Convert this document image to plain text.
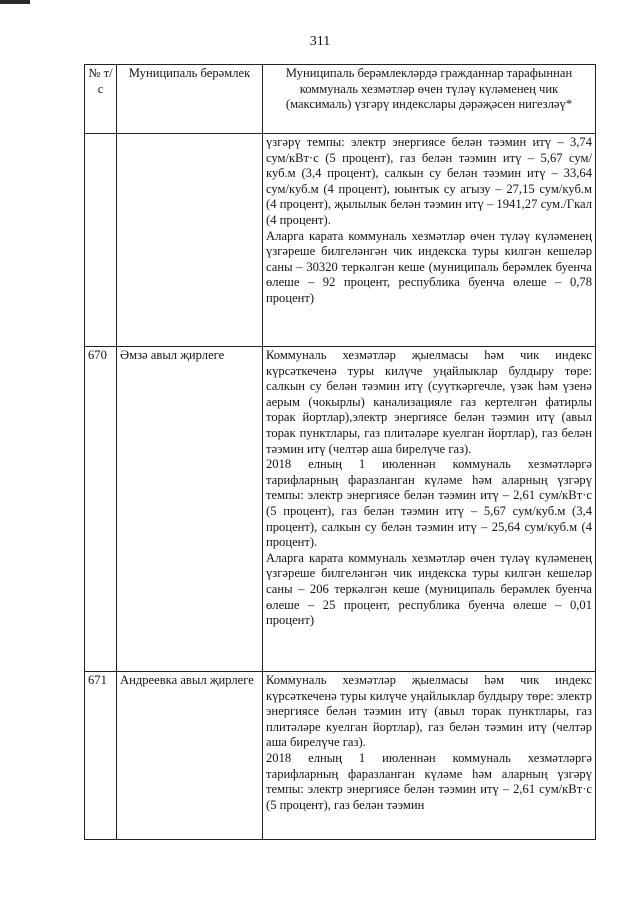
311
№ т/с	Муниципаль берәмлек	Муниципаль берәмлекләрдә гражданнар тарафыннан коммуналь хезмәтләр өчен түләү күләменең чик (максималь) үзгәрү индекслары дәрәҗәсен нигезләү*

		үзгәрү темпы: электр энергиясе белән тәэмин итү – 3,74 сум/кВт·с (5 процент), газ белән тәэмин итү – 5,67 сум/куб.м (3,4 процент), салкын су белән тәэмин итү – 33,64 сум/куб.м (4 процент), юынтык су агызу – 27,15 сум/куб.м (4 процент), җылылык белән тәэмин итү – 1941,27 сум./Гкал (4 процент).

Аларга карата коммуналь хезмәтләр өчен түләү күләменең үзгәреше билгеләнгән чик индекска туры килгән кешеләр саны – 30320 теркәлгән кеше (муниципаль берәмлек буенча өлеше – 92 процент, республика буенча өлеше – 0,78 процент)

670	Әмзә авыл җирлеге	Коммуналь хезмәтләр җыелмасы һәм чик индекс күрсәткеченә туры килүче уңайлыклар булдыру төре: салкын су белән тәэмин итү (суүткәргечле, үзәк һәм үзенә аерым (чокырлы) канализацияле газ кертелгән фатирлы торак йортлар),электр энергиясе белән тәэмин итү (авыл торак пунктлары, газ плитәләре куелган йортлар), газ белән тәэмин итү (челтәр аша бирелүче газ).

2018 елның 1 июленнән коммуналь хезмәтләргә тарифларның фаразланган күләме һәм аларның үзгәрү темпы: электр энергиясе белән тәэмин итү – 2,61 сум/кВт·с (5 процент), газ белән тәэмин итү – 5,67 сум/куб.м (3,4 процент), салкын су белән тәэмин итү – 25,64 сум/куб.м (4 процент).

Аларга карата коммуналь хезмәтләр өчен түләү күләменең үзгәреше билгеләнгән чик индекска туры килгән кешеләр саны – 206 теркәлгән кеше (муниципаль берәмлек буенча өлеше – 25 процент, республика буенча өлеше – 0,01 процент)

671	Андреевка авыл җирлеге	Коммуналь хезмәтләр җыелмасы һәм чик индекс күрсәткеченә туры килүче уңайлыклар булдыру төре: электр энергиясе белән тәэмин итү (авыл торак пунктлары, газ плитәләре куелган йортлар), газ белән тәэмин итү (челтәр аша бирелүче газ).

2018 елның 1 июленнән коммуналь хезмәтләргә тарифларның фаразланган күләме һәм аларның үзгәрү темпы: электр энергиясе белән тәэмин итү – 2,61 сум/кВт·с (5 процент), газ белән тәэмин
